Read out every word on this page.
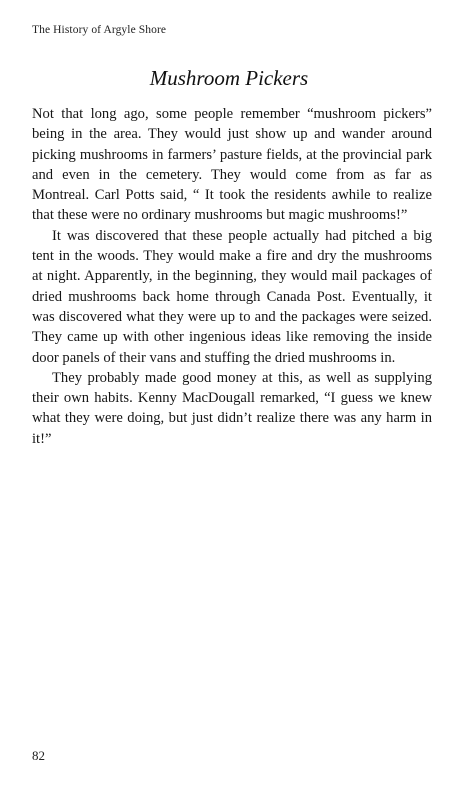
The History of Argyle Shore
Mushroom Pickers

Not that long ago, some people remember “mushroom pickers” being in the area. They would just show up and wander around picking mushrooms in farmers’ pasture fields, at the provincial park and even in the cemetery. They would come from as far as Montreal. Carl Potts said, “ It took the residents awhile to realize that these were no ordinary mushrooms but magic mushrooms!”

It was discovered that these people actually had pitched a big tent in the woods. They would make a fire and dry the mushrooms at night. Apparently, in the beginning, they would mail packages of dried mushrooms back home through Canada Post. Eventually, it was discovered what they were up to and the packages were seized. They came up with other ingenious ideas like removing the inside door panels of their vans and stuffing the dried mushrooms in.

They probably made good money at this, as well as supplying their own habits. Kenny MacDougall remarked, “I guess we knew what they were doing, but just didn’t realize there was any harm in it!”

82
